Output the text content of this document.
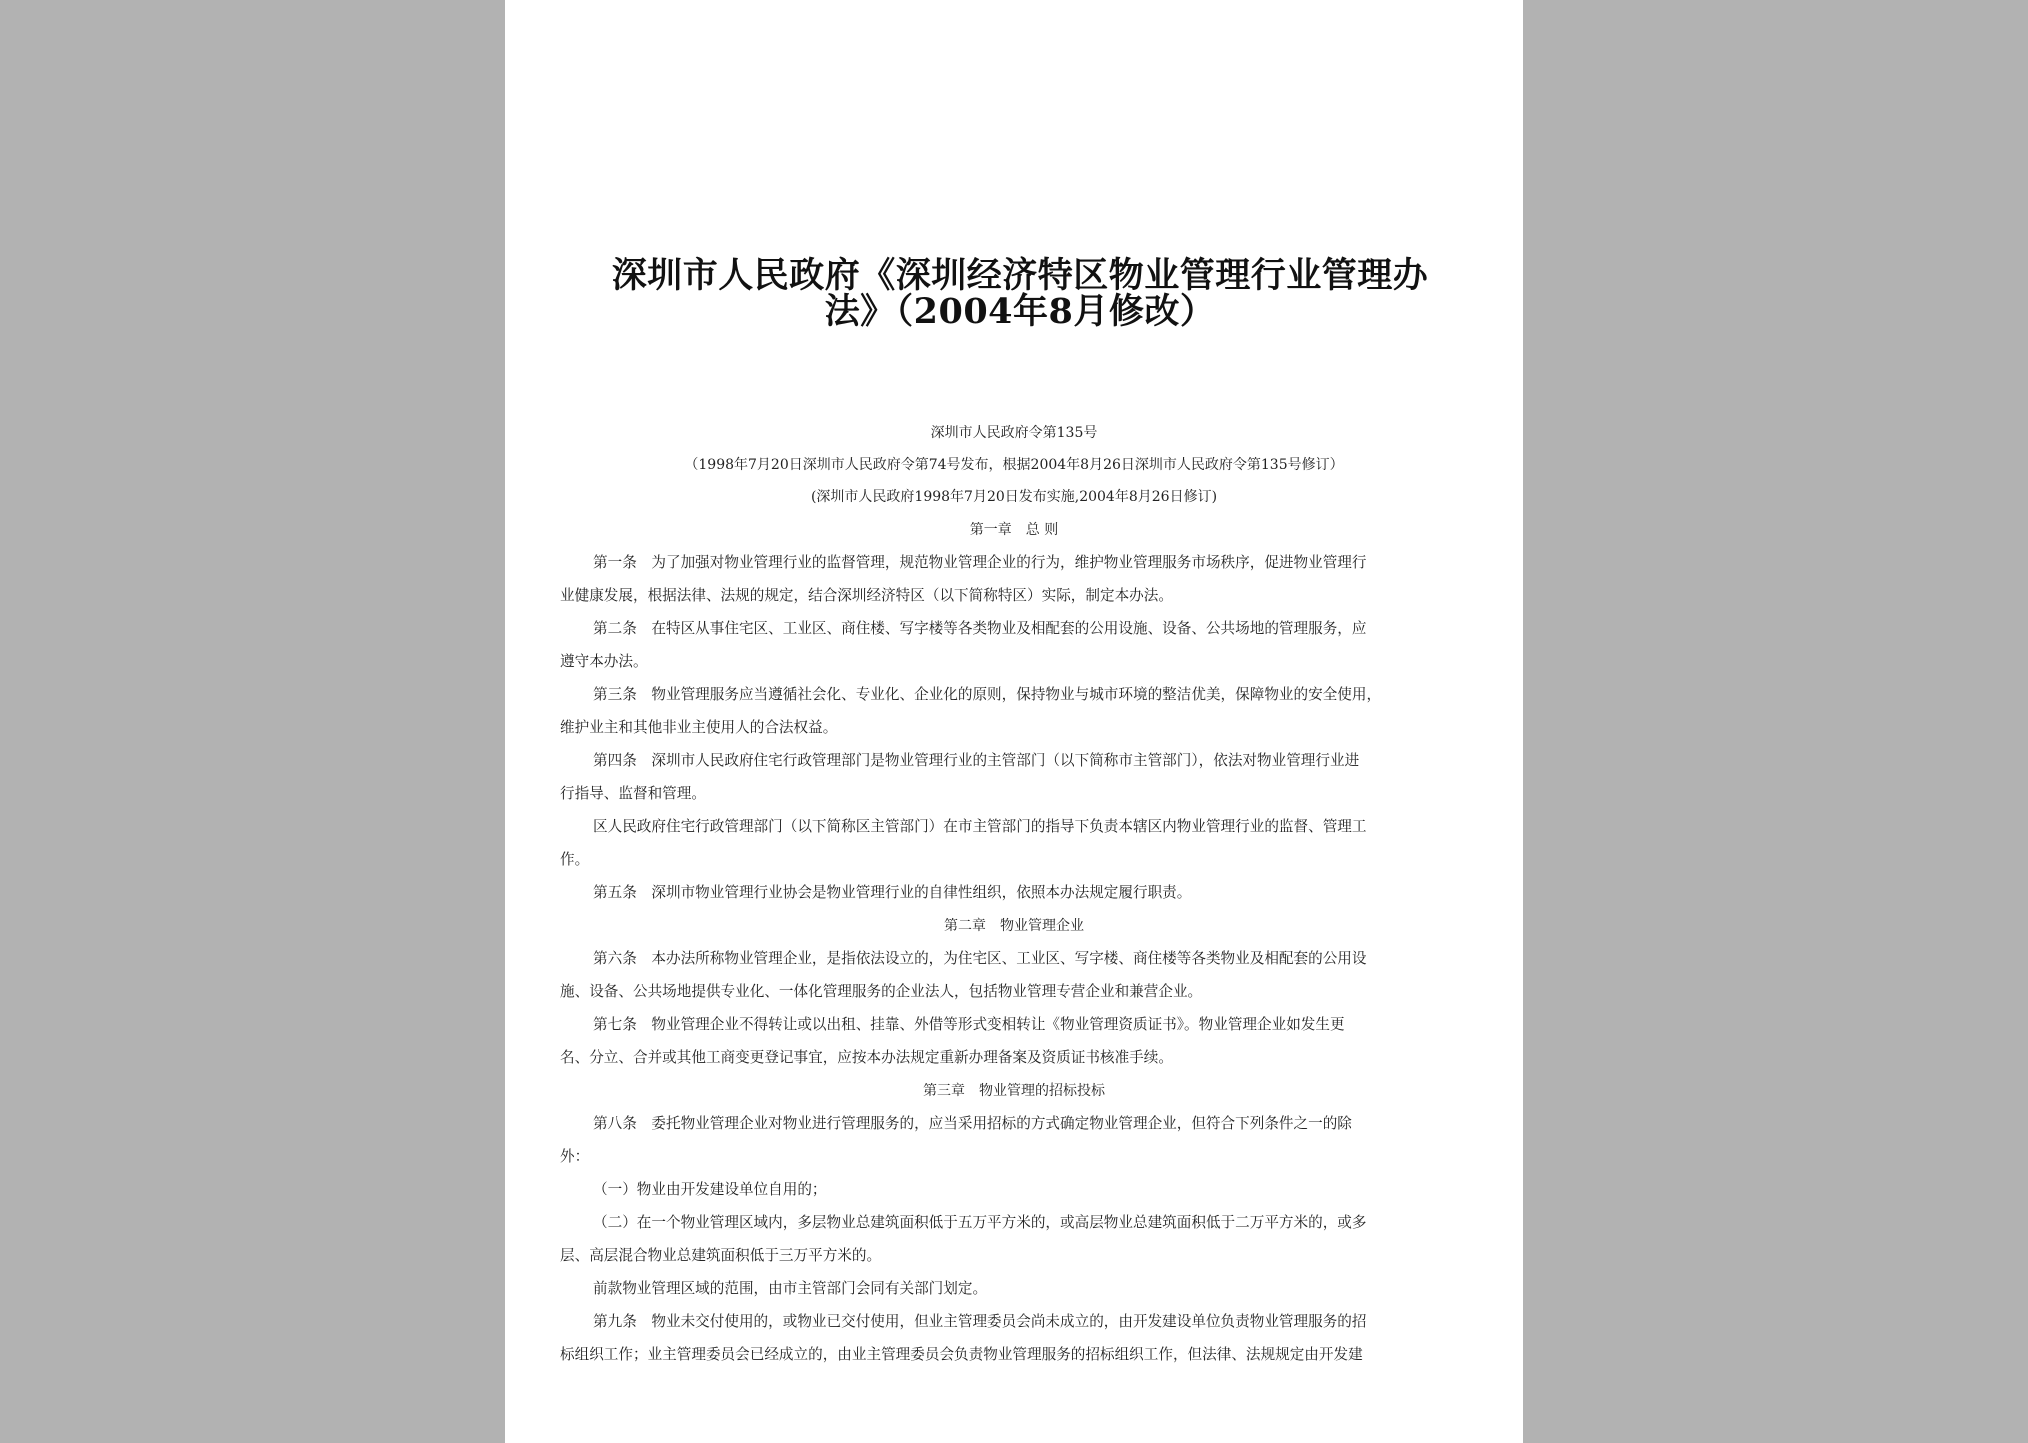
深圳市人民政府《深圳经济特区物业管理行业管理办
法》（2004年8月修改）
深圳市人民政府令第135号
（1998年7月20日深圳市人民政府令第74号发布，根据2004年8月26日深圳市人民政府令第135号修订）
(深圳市人民政府1998年7月20日发布实施,2004年8月26日修订)
第一章　总 则
第一条　为了加强对物业管理行业的监督管理，规范物业管理企业的行为，维护物业管理服务市场秩序，促进物业管理行
业健康发展，根据法律、法规的规定，结合深圳经济特区（以下简称特区）实际，制定本办法。
第二条　在特区从事住宅区、工业区、商住楼、写字楼等各类物业及相配套的公用设施、设备、公共场地的管理服务，应
遵守本办法。
第三条　物业管理服务应当遵循社会化、专业化、企业化的原则，保持物业与城市环境的整洁优美，保障物业的安全使用，
维护业主和其他非业主使用人的合法权益。
第四条　深圳市人民政府住宅行政管理部门是物业管理行业的主管部门（以下简称市主管部门），依法对物业管理行业进
行指导、监督和管理。
区人民政府住宅行政管理部门（以下简称区主管部门）在市主管部门的指导下负责本辖区内物业管理行业的监督、管理工
作。
第五条　深圳市物业管理行业协会是物业管理行业的自律性组织，依照本办法规定履行职责。
第二章　物业管理企业
第六条　本办法所称物业管理企业，是指依法设立的，为住宅区、工业区、写字楼、商住楼等各类物业及相配套的公用设
施、设备、公共场地提供专业化、一体化管理服务的企业法人，包括物业管理专营企业和兼营企业。
第七条　物业管理企业不得转让或以出租、挂靠、外借等形式变相转让《物业管理资质证书》。物业管理企业如发生更
名、分立、合并或其他工商变更登记事宜，应按本办法规定重新办理备案及资质证书核准手续。
第三章　物业管理的招标投标
第八条　委托物业管理企业对物业进行管理服务的，应当采用招标的方式确定物业管理企业，但符合下列条件之一的除
外：
（一）物业由开发建设单位自用的；
（二）在一个物业管理区域内，多层物业总建筑面积低于五万平方米的，或高层物业总建筑面积低于二万平方米的，或多
层、高层混合物业总建筑面积低于三万平方米的。
前款物业管理区域的范围，由市主管部门会同有关部门划定。
第九条　物业未交付使用的，或物业已交付使用，但业主管理委员会尚未成立的，由开发建设单位负责物业管理服务的招
标组织工作；业主管理委员会已经成立的，由业主管理委员会负责物业管理服务的招标组织工作，但法律、法规规定由开发建
